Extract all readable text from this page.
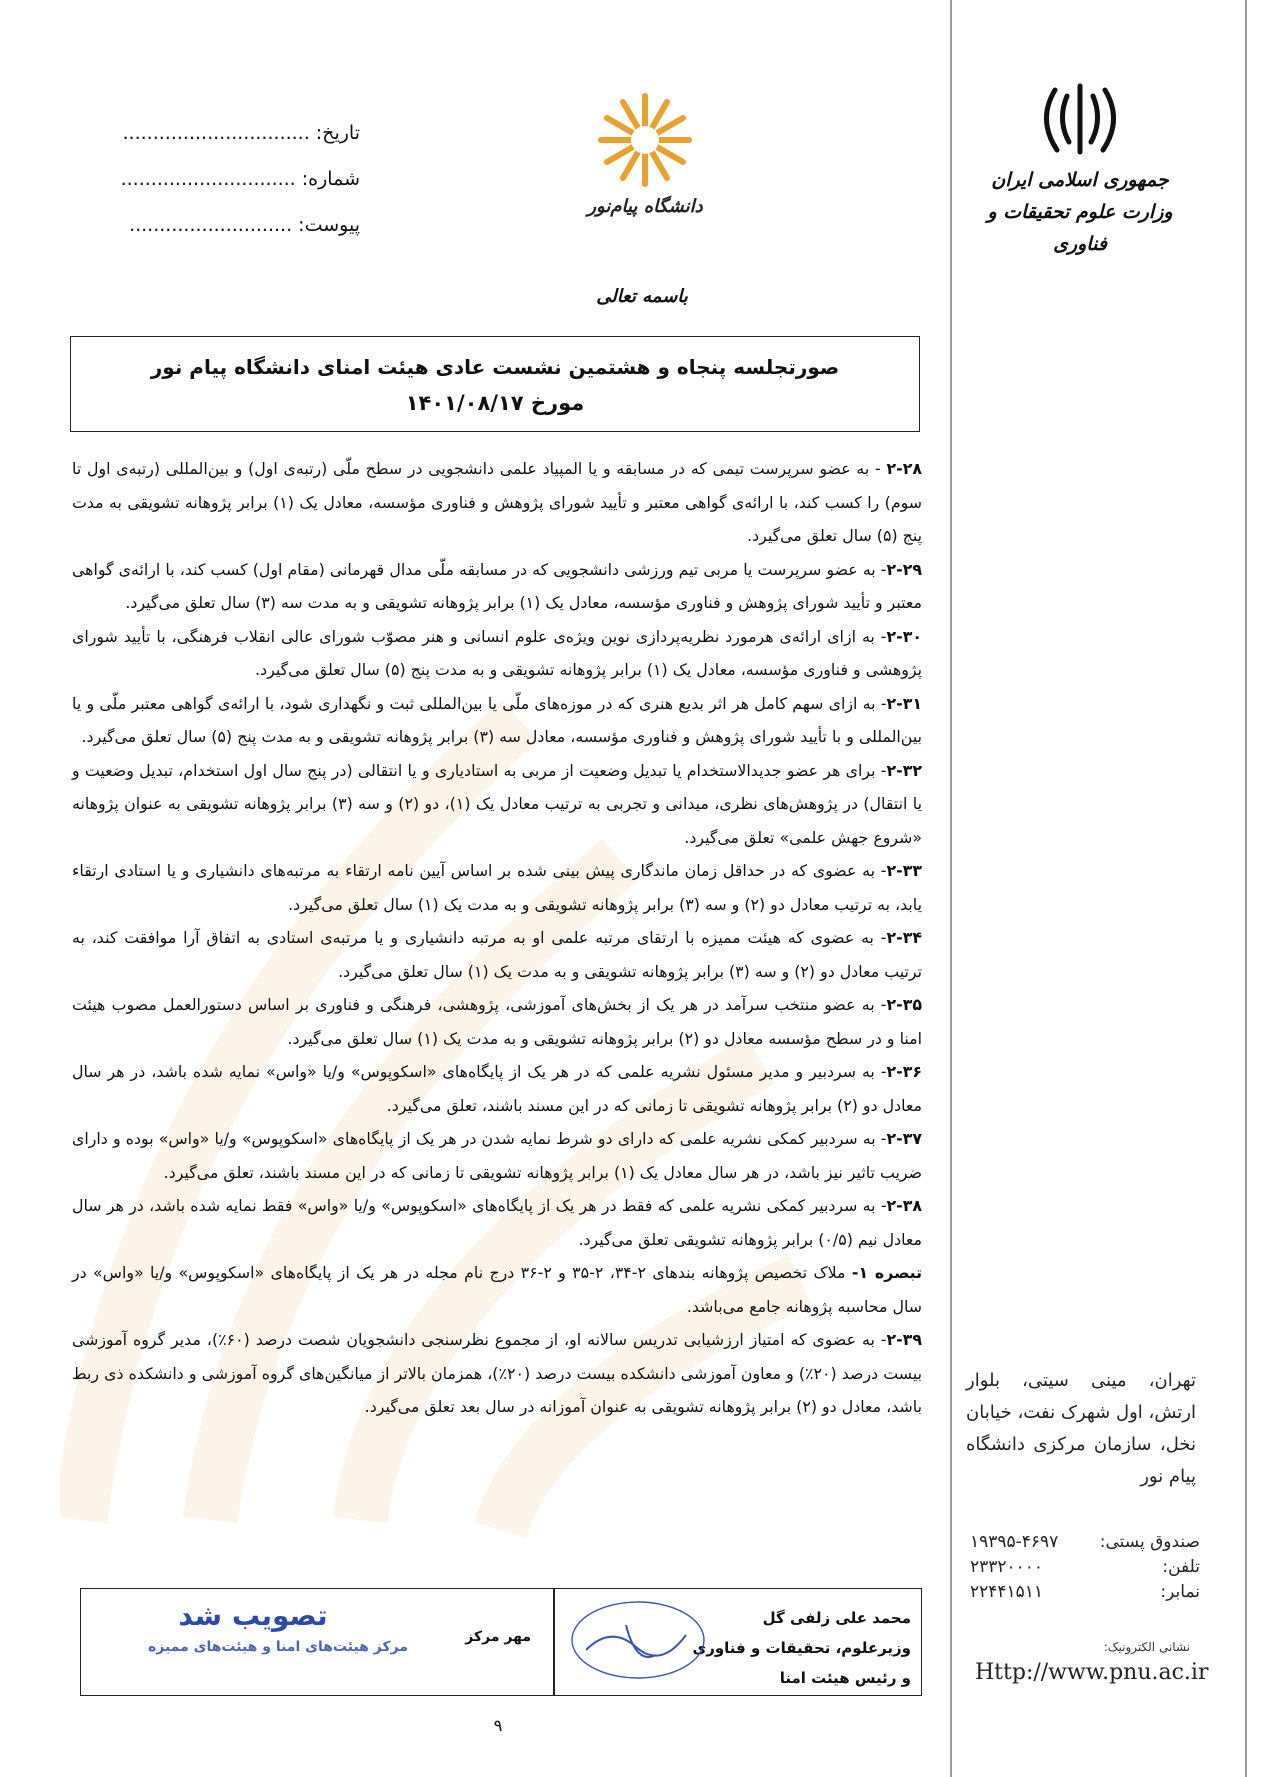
جمهوری اسلامی ایران
وزارت علوم تحقیقات و فناوری
دانشگاه پیام‌نور
باسمه تعالی
تاریخ: ...............................
شماره: .............................
پیوست: ...........................
صورتجلسه پنجاه و هشتمین نشست عادی هیئت امنای دانشگاه پیام نور
مورخ ۱۴۰۱/۰۸/۱۷

۲-۲۸ - به عضو سرپرست تیمی که در مسابقه و یا المپیاد علمی دانشجویی در سطح ملّی (رتبه‌ی اول) و بین‌المللی (رتبه‌ی اول تا سوم) را کسب کند، با ارائه‌ی گواهی معتبر و تأیید شورای پژوهش و فناوری مؤسسه، معادل یک (۱) برابر پژوهانه تشویقی به مدت پنج (۵) سال تعلق می‌گیرد.

۲-۲۹- به عضو سرپرست یا مربی تیم ورزشی دانشجویی که در مسابقه ملّی مدال قهرمانی (مقام اول) کسب کند، با ارائه‌ی گواهی معتبر و تأیید شورای پژوهش و فناوری مؤسسه، معادل یک (۱) برابر پژوهانه تشویقی و به مدت سه (۳) سال تعلق می‌گیرد.

۲-۳۰- به ازای ارائه‌ی هرمورد نظریه‌پردازی نوین ویژه‌ی علوم انسانی و هنر مصوّب شورای عالی انقلاب فرهنگی، با تأیید شورای پژوهشی و فناوری مؤسسه، معادل یک (۱) برابر پژوهانه تشویقی و به مدت پنج (۵) سال تعلق می‌گیرد.

۲-۳۱- به ازای سهم کامل هر اثر بدیع هنری که در موزه‌های ملّی یا بین‌المللی ثبت و نگهداری شود، با ارائه‌ی گواهی معتبر ملّی و یا بین‌المللی و با تأیید شورای پژوهش و فناوری مؤسسه، معادل سه (۳) برابر پژوهانه تشویقی و به مدت پنج (۵) سال تعلق می‌گیرد.

۲-۳۲- برای هر عضو جدیدالاستخدام یا تبدیل وضعیت از مربی به استادیاری و یا انتقالی (در پنج سال اول استخدام، تبدیل وضعیت و یا انتقال) در پژوهش‌های نظری، میدانی و تجربی به ترتیب معادل یک (۱)، دو (۲) و سه (۳) برابر پژوهانه تشویقی به عنوان پژوهانه «شروع جهش علمی» تعلق می‌گیرد.

۲-۳۳- به عضوی که در حداقل زمان ماندگاری پیش بینی شده بر اساس آیین نامه ارتقاء به مرتبه‌های دانشیاری و یا استادی ارتقاء یابد، به ترتیب معادل دو (۲) و سه (۳) برابر پژوهانه تشویقی و به مدت یک (۱) سال تعلق می‌گیرد.

۲-۳۴- به عضوی که هیئت ممیزه با ارتقای مرتبه علمی او به مرتبه دانشیاری و یا مرتبه‌ی استادی به اتفاق آرا موافقت کند، به ترتیب معادل دو (۲) و سه (۳) برابر پژوهانه تشویقی و به مدت یک (۱) سال تعلق می‌گیرد.

۲-۳۵- به عضو منتخب سرآمد در هر یک از بخش‌های آموزشی، پژوهشی، فرهنگی و فناوری بر اساس دستورالعمل مصوب هیئت امنا و در سطح مؤسسه معادل دو (۲) برابر پژوهانه تشویقی و به مدت یک (۱) سال تعلق می‌گیرد.

۲-۳۶- به سردبیر و مدیر مسئول نشریه علمی که در هر یک از پایگاه‌های «اسکوپوس» و/یا «واس» نمایه شده باشد، در هر سال معادل دو (۲) برابر پژوهانه تشویقی تا زمانی که در این مسند باشند، تعلق می‌گیرد.

۲-۳۷- به سردبیر کمکی نشریه علمی که دارای دو شرط نمایه شدن در هر یک از پایگاه‌های «اسکوپوس» و/یا «واس» بوده و دارای ضریب تاثیر نیز باشد، در هر سال معادل یک (۱) برابر پژوهانه تشویقی تا زمانی که در این مسند باشند، تعلق می‌گیرد.

۲-۳۸- به سردبیر کمکی نشریه علمی که فقط در هر یک از پایگاه‌های «اسکوپوس» و/یا «واس» فقط نمایه شده باشد، در هر سال معادل نیم (۰/۵) برابر پژوهانه تشویقی تعلق می‌گیرد.

تبصره ۱- ملاک تخصیص پژوهانه بندهای ۲-۳۴، ۲-۳۵ و ۲-۳۶ درج نام مجله در هر یک از پایگاه‌های «اسکوپوس» و/یا «واس» در سال محاسبه پژوهانه جامع می‌باشد.

۲-۳۹- به عضوی که امتیاز ارزشیابی تدریس سالانه او، از مجموع نظرسنجی دانشجویان شصت درصد (۶۰٪)، مدیر گروه آموزشی بیست درصد (۲۰٪) و معاون آموزشی دانشکده بیست درصد (۲۰٪)، همزمان بالاتر از میانگین‌های گروه آموزشی و دانشکده ذی ربط باشد، معادل دو (۲) برابر پژوهانه تشویقی به عنوان آموزانه در سال بعد تعلق می‌گیرد.

تهران، مینی سیتی، بلوار ارتش، اول شهرک نفت، خیابان نخل، سازمان مرکزی دانشگاه پیام نور
صندوق پستی:
۱۹۳۹۵-۴۶۹۷
تلفن:
۲۳۳۲۰۰۰۰
نمابر:
۲۲۴۴۱۵۱۱
نشانی الکترونیک:
Http://www.pnu.ac.ir
محمد علی زلفی گل
وزیرعلوم، تحقیقات و فناوری
و رئیس هیئت امنا
مهر مرکز
تصویب شد
مرکز هیئت‌های امنا و هیئت‌های ممیزه
۹
